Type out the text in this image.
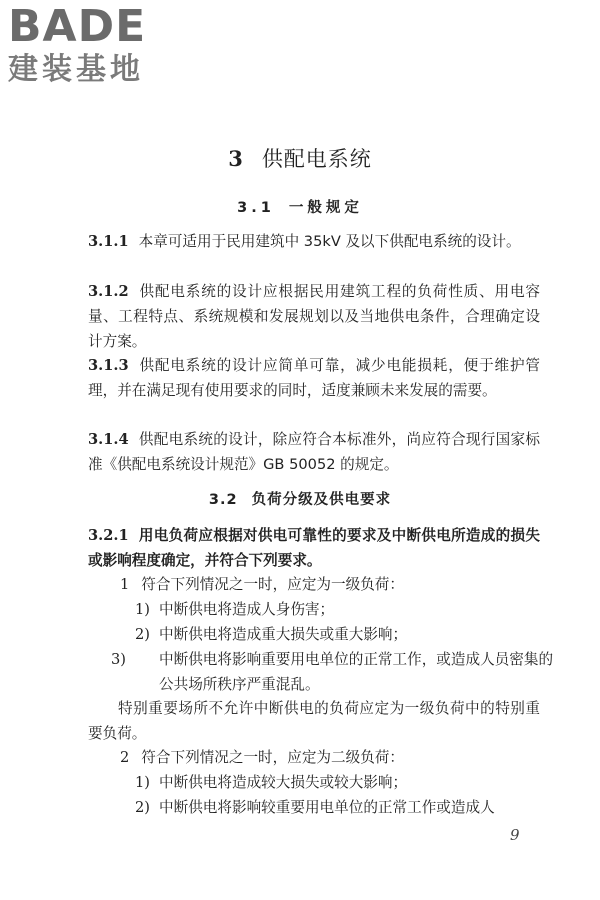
BADE
建装基地
3 供配电系统
3.1 一般规定
3.1.1 本章可适用于民用建筑中 35kV 及以下供配电系统的设计。
3.1.2 供配电系统的设计应根据民用建筑工程的负荷性质、用电容量、工程特点、系统规模和发展规划以及当地供电条件，合理确定设计方案。
3.1.3 供配电系统的设计应简单可靠，减少电能损耗，便于维护管理，并在满足现有使用要求的同时，适度兼顾未来发展的需要。
3.1.4 供配电系统的设计，除应符合本标准外，尚应符合现行国家标准《供配电系统设计规范》GB 50052 的规定。
3.2 负荷分级及供电要求
3.2.1 用电负荷应根据对供电可靠性的要求及中断供电所造成的损失或影响程度确定，并符合下列要求。
1 符合下列情况之一时，应定为一级负荷：
1) 中断供电将造成人身伤害；
2) 中断供电将造成重大损失或重大影响；
3) 中断供电将影响重要用电单位的正常工作，或造成人员密集的公共场所秩序严重混乱。
特别重要场所不允许中断供电的负荷应定为一级负荷中的特别重要负荷。
2 符合下列情况之一时，应定为二级负荷：
1) 中断供电将造成较大损失或较大影响；
2) 中断供电将影响较重要用电单位的正常工作或造成人
9
